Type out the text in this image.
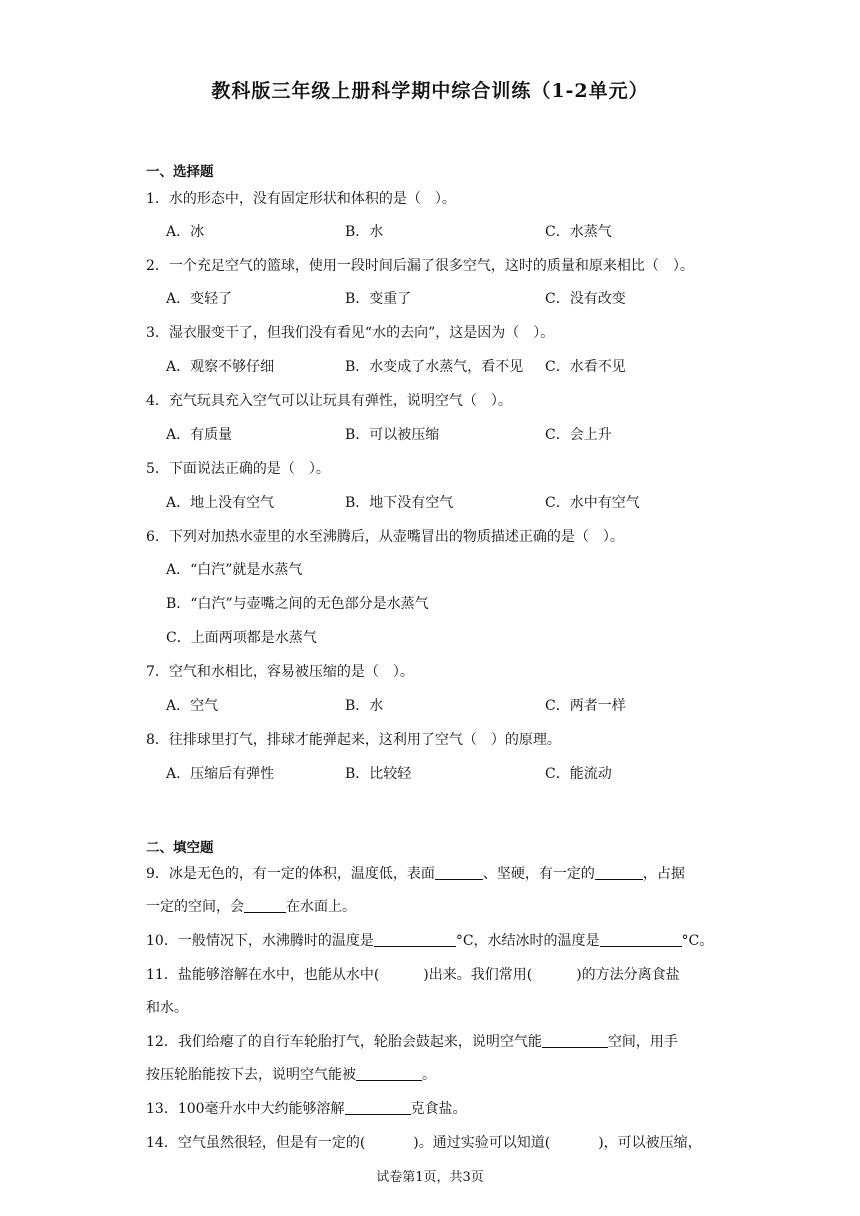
教科版三年级上册科学期中综合训练（1-2单元）
一、选择题
1．水的形态中，没有固定形状和体积的是（　）。
A．冰	B．水	C．水蒸气
2．一个充足空气的篮球，使用一段时间后漏了很多空气，这时的质量和原来相比（　）。
A．变轻了	B．变重了	C．没有改变
3．湿衣服变干了，但我们没有看见“水的去向”，这是因为（　）。
A．观察不够仔细	B．水变成了水蒸气，看不见 C．水看不见
4．充气玩具充入空气可以让玩具有弹性，说明空气（　）。
A．有质量	B．可以被压缩	C．会上升
5．下面说法正确的是（　）。
A．地上没有空气	B．地下没有空气	C．水中有空气
6．下列对加热水壶里的水至沸腾后，从壶嘴冒出的物质描述正确的是（　）。
A．“白汽”就是水蒸气
B．“白汽”与壶嘴之间的无色部分是水蒸气
C．上面两项都是水蒸气
7．空气和水相比，容易被压缩的是（　）。
A．空气	B．水	C．两者一样
8．往排球里打气，排球才能弹起来，这利用了空气（　）的原理。
A．压缩后有弹性	B．比较轻	C．能流动
二、填空题
9．冰是无色的，有一定的体积，温度低，表面	、坚硬，有一定的	，占据
一定的空间，会	在水面上。
10．一般情况下，水沸腾时的温度是	°C，水结冰时的温度是	°C。
11．盐能够溶解在水中，也能从水中(	)出来。我们常用(	)的方法分离食盐
和水。
12．我们给瘪了的自行车轮胎打气，轮胎会鼓起来，说明空气能	空间，用手
按压轮胎能按下去，说明空气能被	。
13．100毫升水中大约能够溶解	克食盐。
14．空气虽然很轻，但是有一定的(	)。通过实验可以知道(	)，可以被压缩，
试卷第1页，共3页
